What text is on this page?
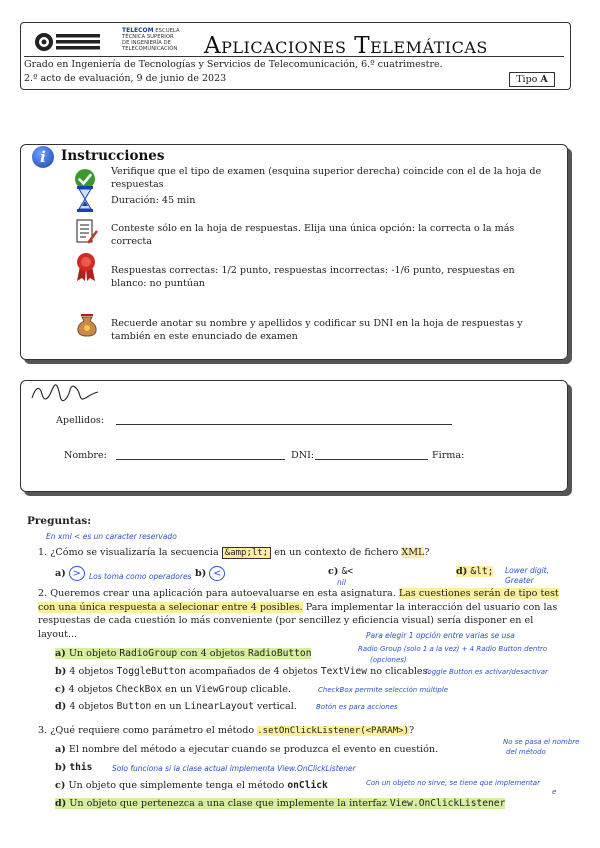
TELECOM ESCUELA
TÉCNICA SUPERIOR
DE INGENIERÍA DE
TELECOMUNICACIÓN	Aplicaciones Telemáticas
Grado en Ingeniería de Tecnologías y Servicios de Telecomunicación, 6.º cuatrimestre.
2.º acto de evaluación, 9 de junio de 2023	Tipo A
i	Instrucciones
Verifique que el tipo de examen (esquina superior derecha) coincide con el de la hoja de respuestas
Duración: 45 min
Conteste sólo en la hoja de respuestas. Elija una única opción: la correcta o la más correcta
Respuestas correctas: 1/2 punto, respuestas incorrectas: -1/6 punto, respuestas en blanco: no puntúan
Recuerde anotar su nombre y apellidos y codificar su DNI en la hoja de respuestas y también en este enunciado de examen
Apellidos:
Nombre:	DNI:	Firma:
Preguntas:
En xml < es un caracter reservado
1. ¿Cómo se visualizaría la secuencia &amp;lt; en un contexto de fichero XML?
a) >	Los toma como operadores b) <	c) &<
nil
d) &lt; Lower digit, Greater
2. Queremos crear una aplicación para autoevaluarse en esta asignatura. Las cuestiones serán de tipo test con una única respuesta a selecionar entre 4 posibles. Para implementar la interacción del usuario con las respuestas de cada cuestión lo más conveniente (por sencillez y eficiencia visual) sería disponer en el layout...	Para elegir 1 opción entre varias se usa
a) Un objeto RadioGroup con 4 objetos RadioButton	Radio Group (solo 1 a la vez) + 4 Radio Button dentro
(opciones)
b) 4 objetos ToggleButton acompañados de 4 objetos TextView no clicables.
Toggle Button es activar/desactivar
c) 4 objetos CheckBox en un ViewGroup clicable.	CheckBox permite selección múltiple
d) 4 objetos Button en un LinearLayout vertical.	Botón es para acciones
3. ¿Qué requiere como parámetro el método .setOnClickListener(<PARAM>)?
a) El nombre del método a ejecutar cuando se produzca el evento en cuestión.
No se pasa el nombre
del método
b) this	Solo funciona si la clase actual implementa View.OnClickListener
c) Un objeto que simplemente tenga el método onClick	Con un objeto no sirve, se tiene que implementar
e
d) Un objeto que pertenezca a una clase que implemente la interfaz View.OnClickListener
